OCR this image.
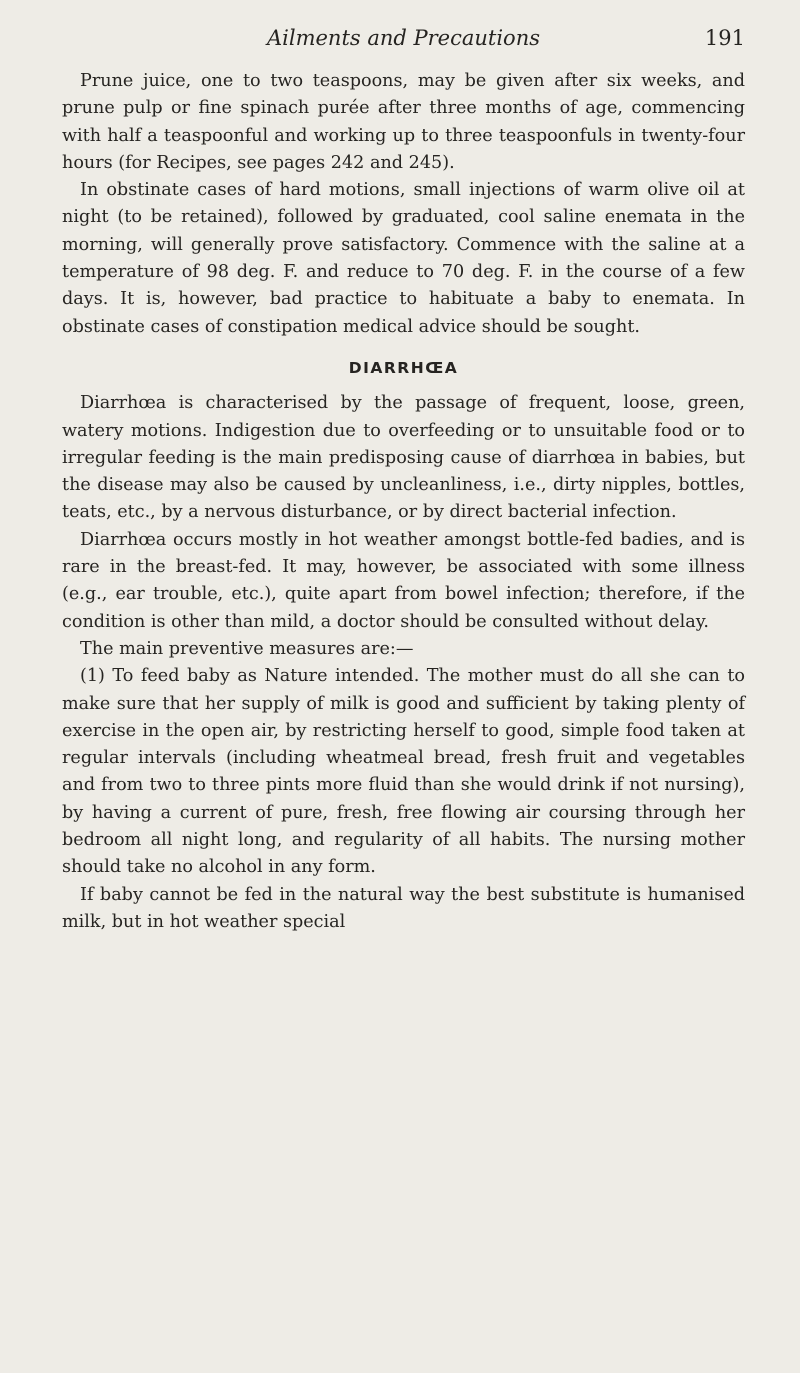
Ailments and Precautions	191

Prune juice, one to two teaspoons, may be given after six weeks, and prune pulp or fine spinach purée after three months of age, commencing with half a teaspoonful and working up to three teaspoonfuls in twenty-four hours (for Recipes, see pages 242 and 245).

In obstinate cases of hard motions, small injections of warm olive oil at night (to be retained), followed by graduated, cool saline enemata in the morning, will generally prove satisfactory. Commence with the saline at a temperature of 98 deg. F. and reduce to 70 deg. F. in the course of a few days. It is, however, bad practice to habituate a baby to enemata. In obstinate cases of constipation medical advice should be sought.

DIARRHŒA

Diarrhœa is characterised by the passage of frequent, loose, green, watery motions. Indigestion due to overfeeding or to unsuitable food or to irregular feeding is the main predisposing cause of diarrhœa in babies, but the disease may also be caused by uncleanliness, i.e., dirty nipples, bottles, teats, etc., by a nervous disturbance, or by direct bacterial infection.

Diarrhœa occurs mostly in hot weather amongst bottle-fed badies, and is rare in the breast-fed. It may, however, be associated with some illness (e.g., ear trouble, etc.), quite apart from bowel infection; therefore, if the condition is other than mild, a doctor should be consulted without delay.

The main preventive measures are:—

(1) To feed baby as Nature intended. The mother must do all she can to make sure that her supply of milk is good and sufficient by taking plenty of exercise in the open air, by restricting herself to good, simple food taken at regular intervals (including wheatmeal bread, fresh fruit and vegetables and from two to three pints more fluid than she would drink if not nursing), by having a current of pure, fresh, free flowing air coursing through her bedroom all night long, and regularity of all habits. The nursing mother should take no alcohol in any form.

If baby cannot be fed in the natural way the best substitute is humanised milk, but in hot weather special
